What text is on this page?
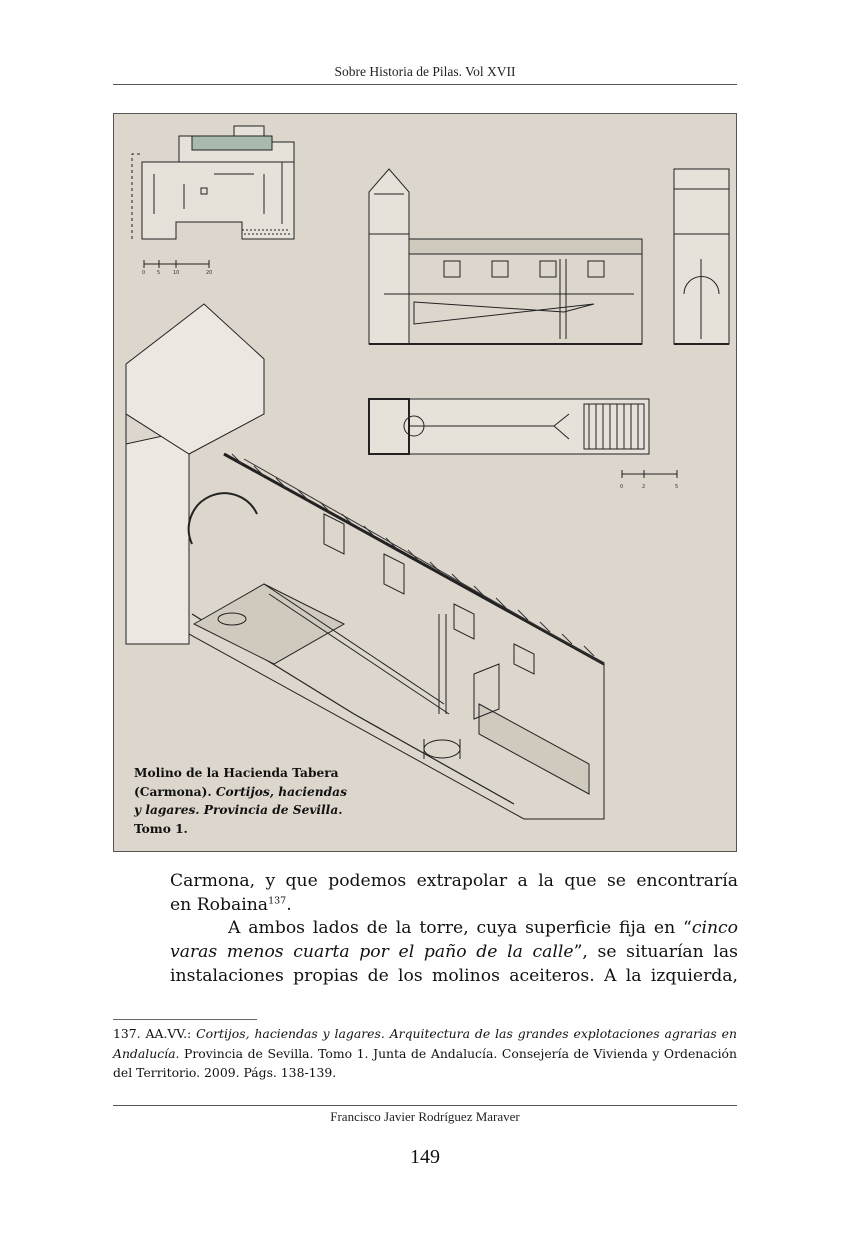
Sobre Historia de Pilas. Vol XVII
0 5	10	20
0	2	5
Molino de la Hacienda Tabera
(Carmona). Cortijos, haciendas
y lagares. Provincia de Sevilla.
Tomo 1.

Carmona, y que podemos extrapolar a la que se encontraría

en Robaina$^{137}$.

A ambos lados de la torre, cuya superficie fija en “cinco

varas menos cuarta por el paño de la calle”, se situarían las

instalaciones propias de los molinos aceiteros. A la izquierda,

137. AA.VV.: Cortijos, haciendas y lagares. Arquitectura de las grandes explotaciones agrarias en Andalucía. Provincia de Sevilla. Tomo 1. Junta de Andalucía. Consejería de Vivienda y Ordenación del Territorio. 2009. Págs. 138-139.
Francisco Javier Rodríguez Maraver
149
